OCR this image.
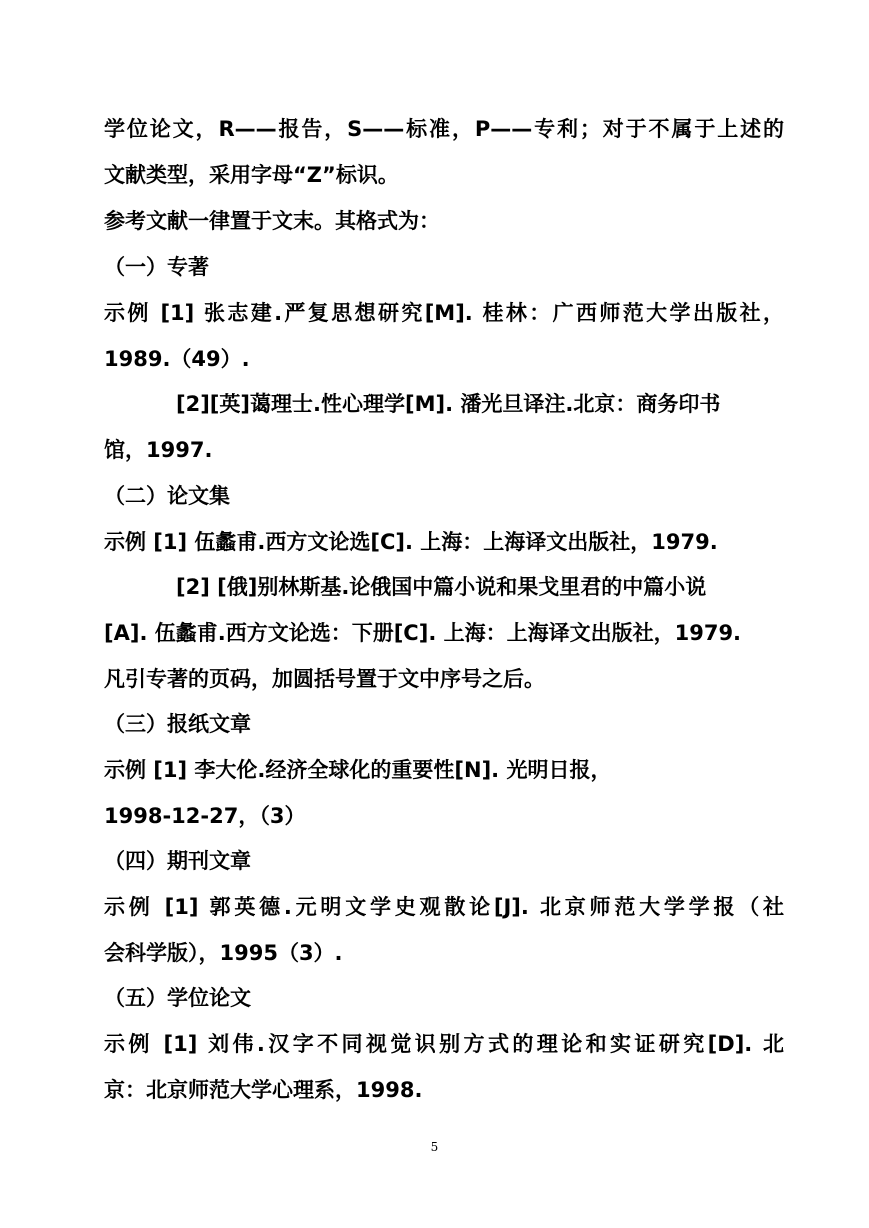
学位论文，R——报告，S——标准，P——专利；对于不属于上述的
文献类型，采用字母“Z”标识。
参考文献一律置于文末。其格式为：
（一）专著
示例 [1] 张志建.严复思想研究[M]. 桂林：广西师范大学出版社，
1989.（49）.
[2][英]蔼理士.性心理学[M]. 潘光旦译注.北京：商务印书
馆，1997.
（二）论文集
示例 [1] 伍蠡甫.西方文论选[C]. 上海：上海译文出版社，1979.
[2] [俄]别林斯基.论俄国中篇小说和果戈里君的中篇小说
[A]. 伍蠡甫.西方文论选：下册[C]. 上海：上海译文出版社，1979.
凡引专著的页码，加圆括号置于文中序号之后。
（三）报纸文章
示例 [1] 李大伦.经济全球化的重要性[N]. 光明日报，
1998-12-27，（3）
（四）期刊文章
示例 [1] 郭英德.元明文学史观散论[J]. 北京师范大学学报（社
会科学版），1995（3）.
（五）学位论文
示例 [1] 刘伟.汉字不同视觉识别方式的理论和实证研究[D]. 北
京：北京师范大学心理系，1998.
5
